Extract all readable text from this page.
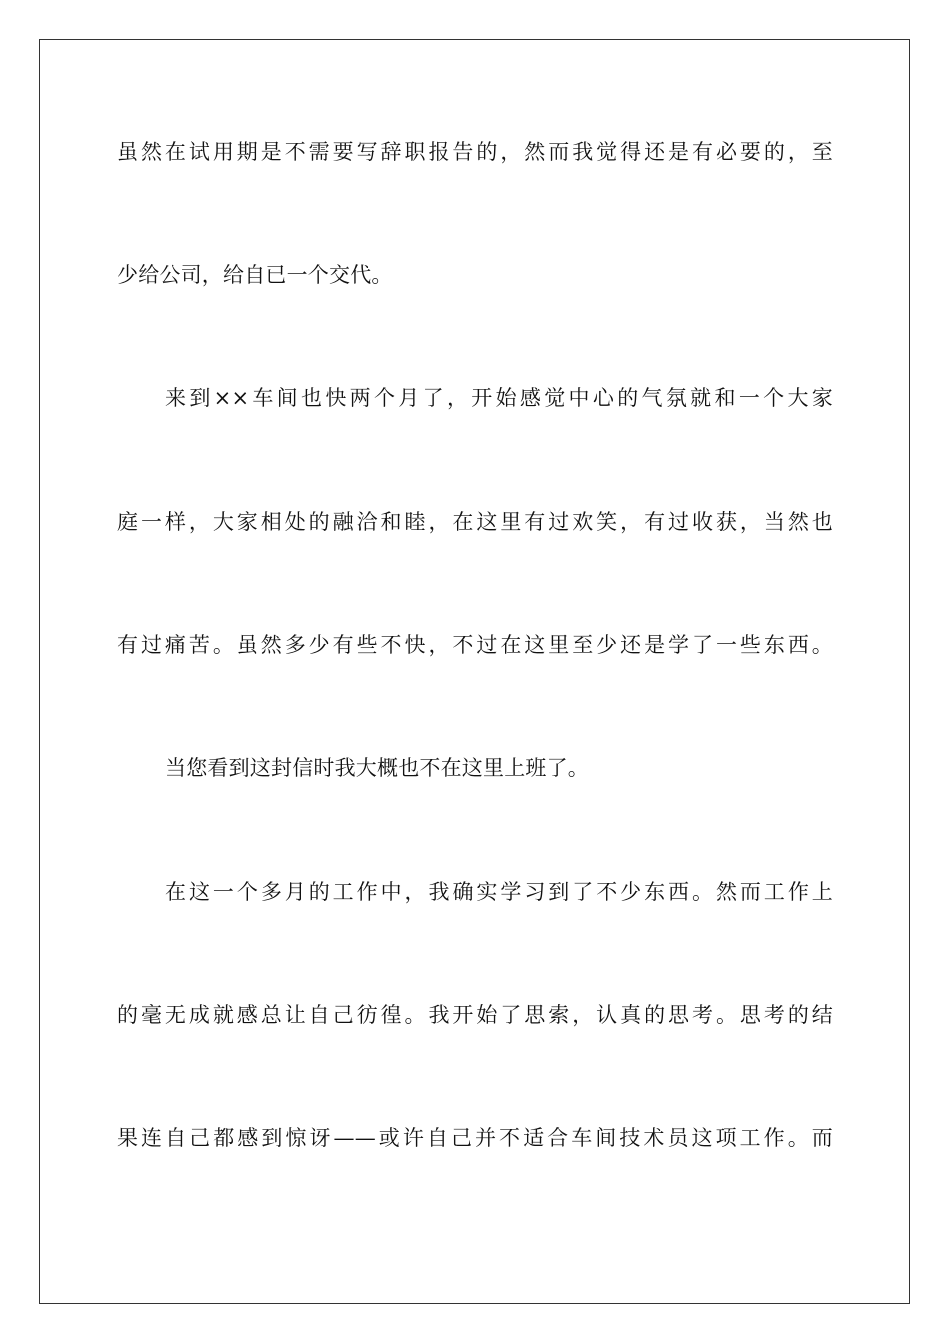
虽然在试用期是不需要写辞职报告的，然而我觉得还是有必要的，至
少给公司，给自已一个交代。
来到××车间也快两个月了，开始感觉中心的气氛就和一个大家
庭一样，大家相处的融洽和睦，在这里有过欢笑，有过收获，当然也
有过痛苦。虽然多少有些不快，不过在这里至少还是学了一些东西。
当您看到这封信时我大概也不在这里上班了。
在这一个多月的工作中，我确实学习到了不少东西。然而工作上
的毫无成就感总让自己彷徨。我开始了思索，认真的思考。思考的结
果连自己都感到惊讶——或许自己并不适合车间技术员这项工作。而
